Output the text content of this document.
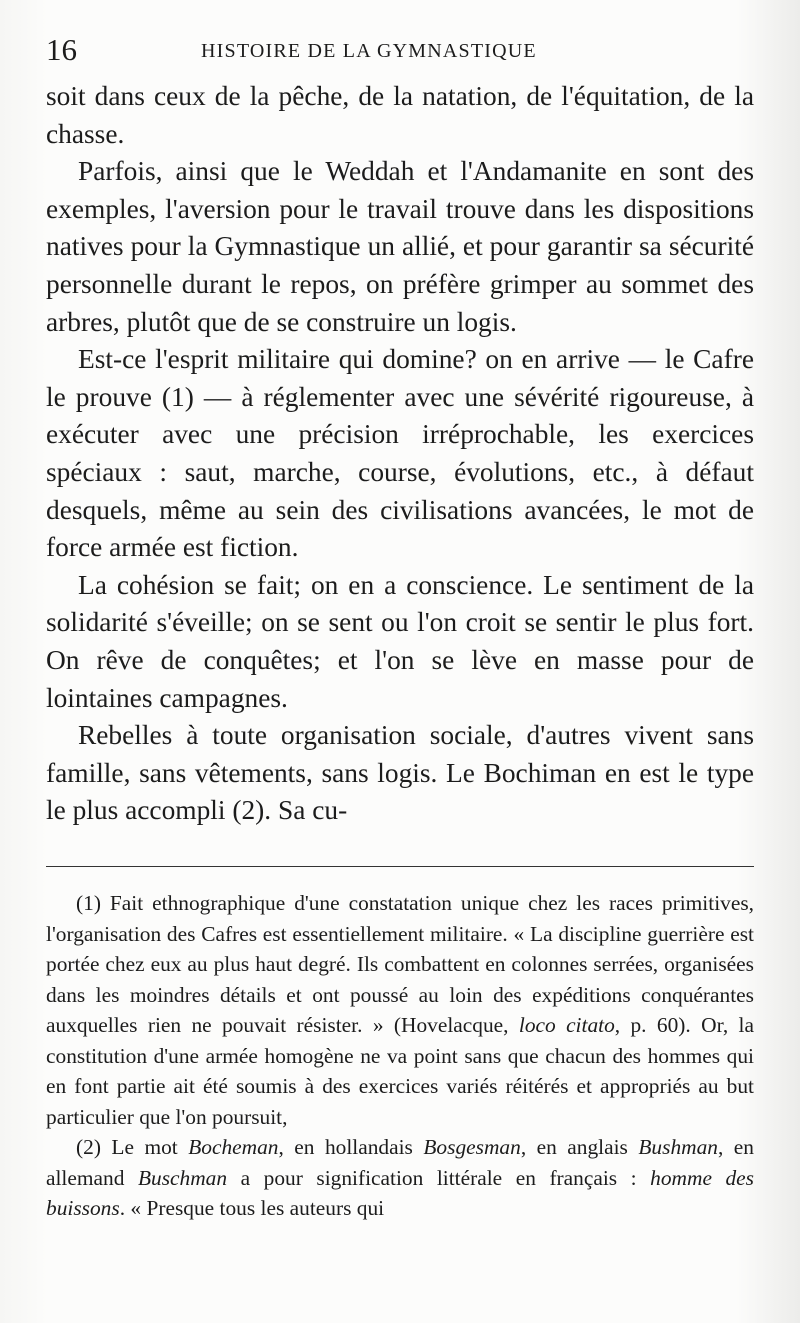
16	HISTOIRE DE LA GYMNASTIQUE

soit dans ceux de la pêche, de la natation, de l'équitation, de la chasse.

Parfois, ainsi que le Weddah et l'Andamanite en sont des exemples, l'aversion pour le travail trouve dans les dispositions natives pour la Gymnastique un allié, et pour garantir sa sécurité personnelle durant le repos, on préfère grimper au sommet des arbres, plutôt que de se construire un logis.

Est-ce l'esprit militaire qui domine? on en arrive — le Cafre le prouve (1) — à réglementer avec une sévérité rigoureuse, à exécuter avec une précision irréprochable, les exercices spéciaux : saut, marche, course, évolutions, etc., à défaut desquels, même au sein des civilisations avancées, le mot de force armée est fiction.

La cohésion se fait; on en a conscience. Le sentiment de la solidarité s'éveille; on se sent ou l'on croit se sentir le plus fort. On rêve de conquêtes; et l'on se lève en masse pour de lointaines campagnes.

Rebelles à toute organisation sociale, d'autres vivent sans famille, sans vêtements, sans logis. Le Bochiman en est le type le plus accompli (2). Sa cu-

(1) Fait ethnographique d'une constatation unique chez les races primitives, l'organisation des Cafres est essentiellement militaire. « La discipline guerrière est portée chez eux au plus haut degré. Ils combattent en colonnes serrées, organisées dans les moindres détails et ont poussé au loin des expéditions conquérantes auxquelles rien ne pouvait résister. » (Hovelacque, loco citato, p. 60). Or, la constitution d'une armée homogène ne va point sans que chacun des hommes qui en font partie ait été soumis à des exercices variés réitérés et appropriés au but particulier que l'on poursuit,

(2) Le mot Bocheman, en hollandais Bosgesman, en anglais Bushman, en allemand Buschman a pour signification littérale en français : homme des buissons. « Presque tous les auteurs qui
